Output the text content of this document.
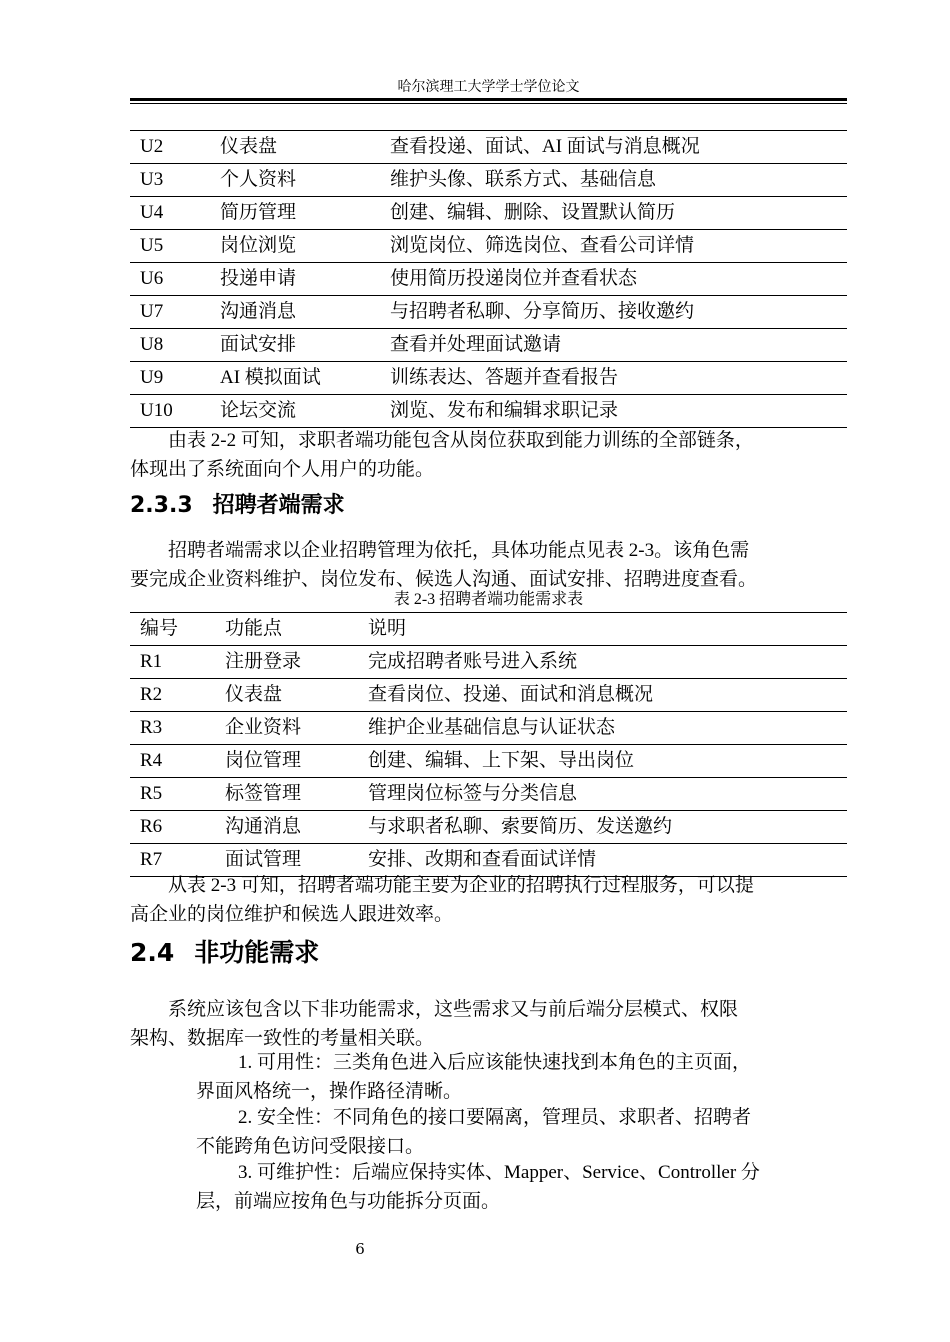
哈尔滨理工大学学士学位论文
U2	仪表盘	查看投递、面试、AI 面试与消息概况
U3	个人资料	维护头像、联系方式、基础信息
U4	简历管理	创建、编辑、删除、设置默认简历
U5	岗位浏览	浏览岗位、筛选岗位、查看公司详情
U6	投递申请	使用简历投递岗位并查看状态
U7	沟通消息	与招聘者私聊、分享简历、接收邀约
U8	面试安排	查看并处理面试邀请
U9	AI 模拟面试	训练表达、答题并查看报告
U10	论坛交流	浏览、发布和编辑求职记录
由表 2-2 可知，求职者端功能包含从岗位获取到能力训练的全部链条，
体现出了系统面向个人用户的功能。
2.3.3 招聘者端需求
招聘者端需求以企业招聘管理为依托，具体功能点见表 2-3。该角色需
要完成企业资料维护、岗位发布、候选人沟通、面试安排、招聘进度查看。
表 2-3 招聘者端功能需求表
编号	功能点	说明
R1	注册登录	完成招聘者账号进入系统
R2	仪表盘	查看岗位、投递、面试和消息概况
R3	企业资料	维护企业基础信息与认证状态
R4	岗位管理	创建、编辑、上下架、导出岗位
R5	标签管理	管理岗位标签与分类信息
R6	沟通消息	与求职者私聊、索要简历、发送邀约
R7	面试管理	安排、改期和查看面试详情
从表 2-3 可知，招聘者端功能主要为企业的招聘执行过程服务，可以提
高企业的岗位维护和候选人跟进效率。
2.4 非功能需求
系统应该包含以下非功能需求，这些需求又与前后端分层模式、权限
架构、数据库一致性的考量相关联。
1. 可用性：三类角色进入后应该能快速找到本角色的主页面，
界面风格统一，操作路径清晰。
2. 安全性：不同角色的接口要隔离，管理员、求职者、招聘者
不能跨角色访问受限接口。
3. 可维护性：后端应保持实体、Mapper、Service、Controller 分
层，前端应按角色与功能拆分页面。
6
